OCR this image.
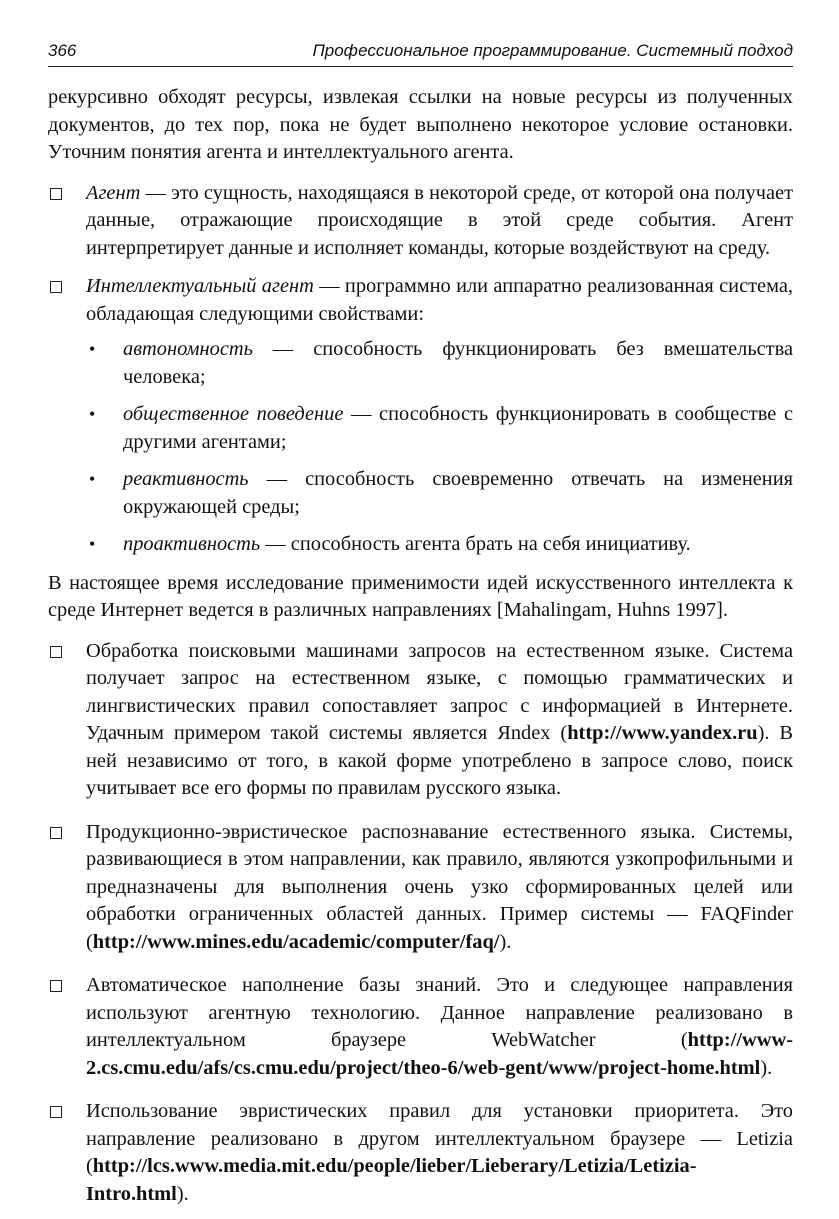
366	Профессиональное программирование. Системный подход

рекурсивно обходят ресурсы, извлекая ссылки на новые ресурсы из полученных документов, до тех пор, пока не будет выполнено некоторое условие остановки. Уточним понятия агента и интеллектуального агента.

Агент — это сущность, находящаяся в некоторой среде, от которой она получает данные, отражающие происходящие в этой среде события. Агент интерпретирует данные и исполняет команды, которые воздействуют на среду.
Интеллектуальный агент — программно или аппаратно реализованная система, обладающая следующими свойствами:
• автономность — способность функционировать без вмешательства человека;
• общественное поведение — способность функционировать в сообществе с другими агентами;
• реактивность — способность своевременно отвечать на изменения окружающей среды;
• проактивность — способность агента брать на себя инициативу.

В настоящее время исследование применимости идей искусственного интеллекта к среде Интернет ведется в различных направлениях [Mahalingam, Huhns 1997].

Обработка поисковыми машинами запросов на естественном языке. Система получает запрос на естественном языке, с помощью грамматических и лингвистических правил сопоставляет запрос с информацией в Интернете. Удачным примером такой системы является Яndex (http://www.yandex.ru). В ней независимо от того, в какой форме употреблено в запросе слово, поиск учитывает все его формы по правилам русского языка.
Продукционно-эвристическое распознавание естественного языка. Системы, развивающиеся в этом направлении, как правило, являются узкопрофильными и предназначены для выполнения очень узко сформированных целей или обработки ограниченных областей данных. Пример системы — FAQFinder (http://www.mines.edu/academic/computer/faq/).
Автоматическое наполнение базы знаний. Это и следующее направления используют агентную технологию. Данное направление реализовано в интеллектуальном браузере WebWatcher (http://www-2.cs.cmu.edu/afs/cs.cmu.edu/project/theo-6/web-gent/www/project-home.html).
Использование эвристических правил для установки приоритета. Это направление реализовано в другом интеллектуальном браузере — Letizia (http://lcs.www.media.mit.edu/people/lieber/Lieberary/Letizia/Letizia-Intro.html).
